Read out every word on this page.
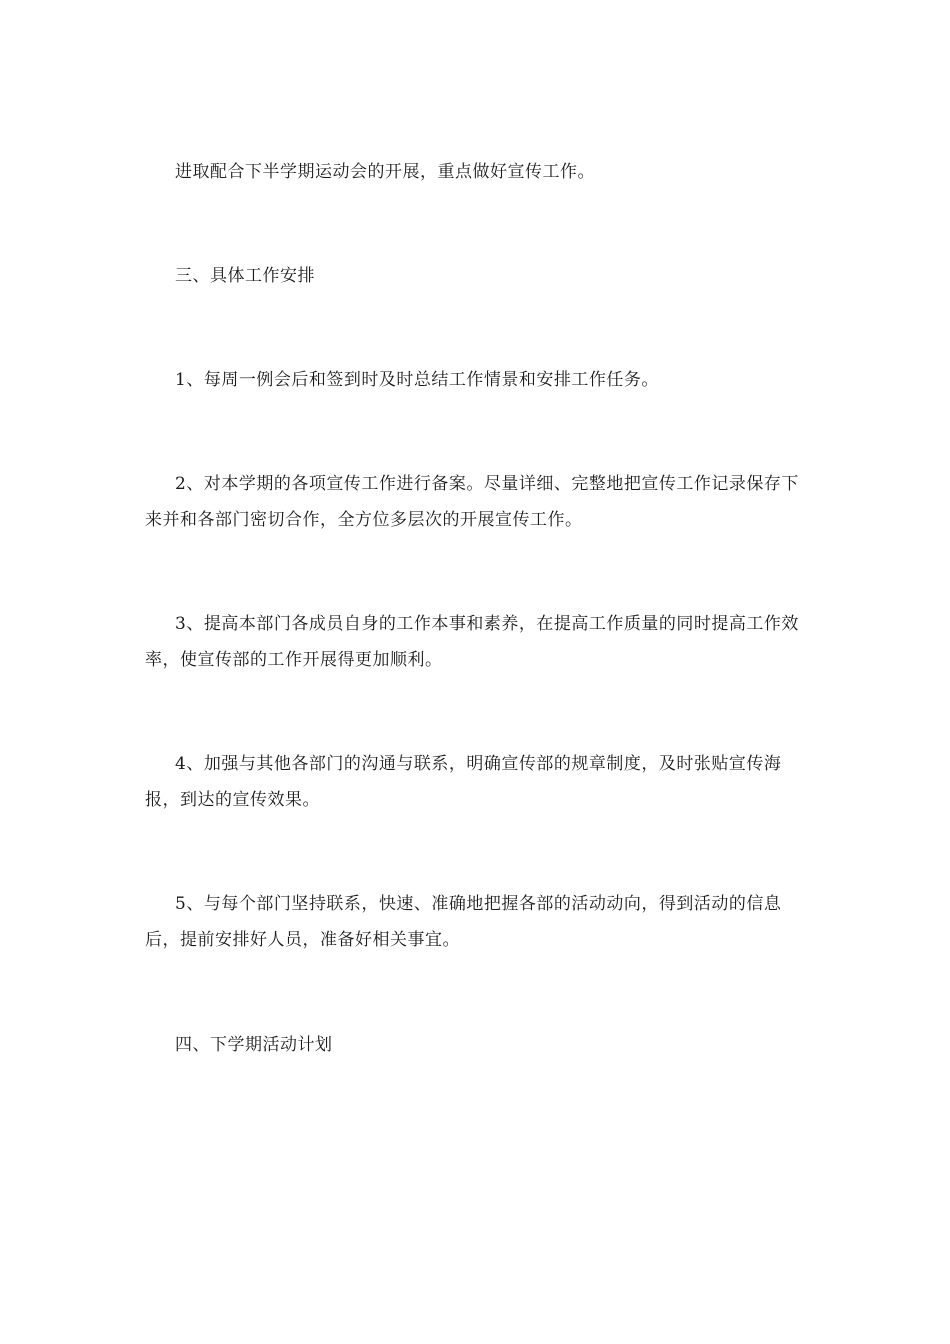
进取配合下半学期运动会的开展，重点做好宣传工作。

三、具体工作安排

1、每周一例会后和签到时及时总结工作情景和安排工作任务。

2、对本学期的各项宣传工作进行备案。尽量详细、完整地把宣传工作记录保存下来并和各部门密切合作，全方位多层次的开展宣传工作。

3、提高本部门各成员自身的工作本事和素养，在提高工作质量的同时提高工作效率，使宣传部的工作开展得更加顺利。

4、加强与其他各部门的沟通与联系，明确宣传部的规章制度，及时张贴宣传海报，到达的宣传效果。

5、与每个部门坚持联系，快速、准确地把握各部的活动动向，得到活动的信息后，提前安排好人员，准备好相关事宜。

四、下学期活动计划
